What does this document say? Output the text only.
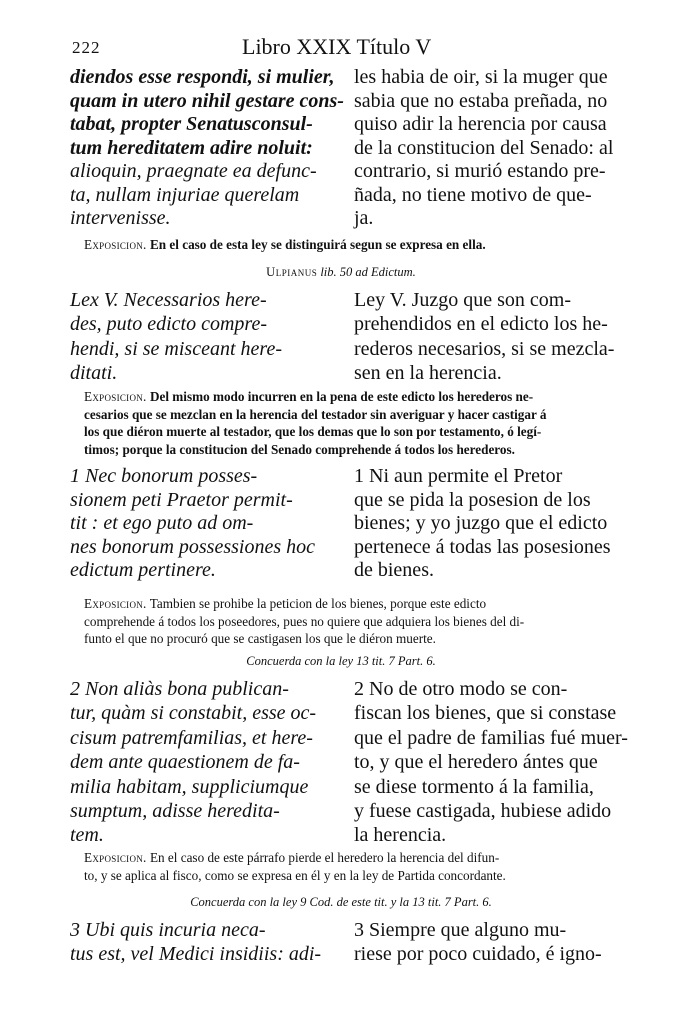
222	Libro XXIX Título V
diendos esse respondi, si mulier,
quam in utero nihil gestare cons-
tabat, propter Senatusconsul-
tum hereditatem adire noluit:
alioquin, praegnate ea defunc-
ta, nullam injuriae querelam
intervenisse.
les habia de oir, si la muger que
sabia que no estaba preñada, no
quiso adir la herencia por causa
de la constitucion del Senado: al
contrario, si murió estando pre-
ñada, no tiene motivo de que-
ja.
Exposicion. En el caso de esta ley se distinguirá segun se expresa en ella.
Ulpianus lib. 50 ad Edictum.
Lex V. Necessarios here-
des, puto edicto compre-
hendi, si se misceant here-
ditati.
Ley V. Juzgo que son com-
prehendidos en el edicto los he-
rederos necesarios, si se mezcla-
sen en la herencia.
Exposicion. Del mismo modo incurren en la pena de este edicto los herederos ne-
cesarios que se mezclan en la herencia del testador sin averiguar y hacer castigar á
los que diéron muerte al testador, que los demas que lo son por testamento, ó legí-
timos; porque la constitucion del Senado comprehende á todos los herederos.
1 Nec bonorum posses-
sionem peti Praetor permit-
tit : et ego puto ad om-
nes bonorum possessiones hoc
edictum pertinere.
1 Ni aun permite el Pretor
que se pida la posesion de los
bienes; y yo juzgo que el edicto
pertenece á todas las posesiones
de bienes.
Exposicion. Tambien se prohibe la peticion de los bienes, porque este edicto
comprehende á todos los poseedores, pues no quiere que adquiera los bienes del di-
funto el que no procuró que se castigasen los que le diéron muerte.
Concuerda con la ley 13 tit. 7 Part. 6.
2 Non aliàs bona publican-
tur, quàm si constabit, esse oc-
cisum patremfamilias, et here-
dem ante quaestionem de fa-
milia habitam, suppliciumque
sumptum, adisse heredita-
tem.
2 No de otro modo se con-
fiscan los bienes, que si constase
que el padre de familias fué muer-
to, y que el heredero ántes que
se diese tormento á la familia,
y fuese castigada, hubiese adido
la herencia.
Exposicion. En el caso de este párrafo pierde el heredero la herencia del difun-
to, y se aplica al fisco, como se expresa en él y en la ley de Partida concordante.
Concuerda con la ley 9 Cod. de este tit. y la 13 tit. 7 Part. 6.
3 Ubi quis incuria neca-
tus est, vel Medici insidiis: adi-
3 Siempre que alguno mu-
riese por poco cuidado, é igno-
